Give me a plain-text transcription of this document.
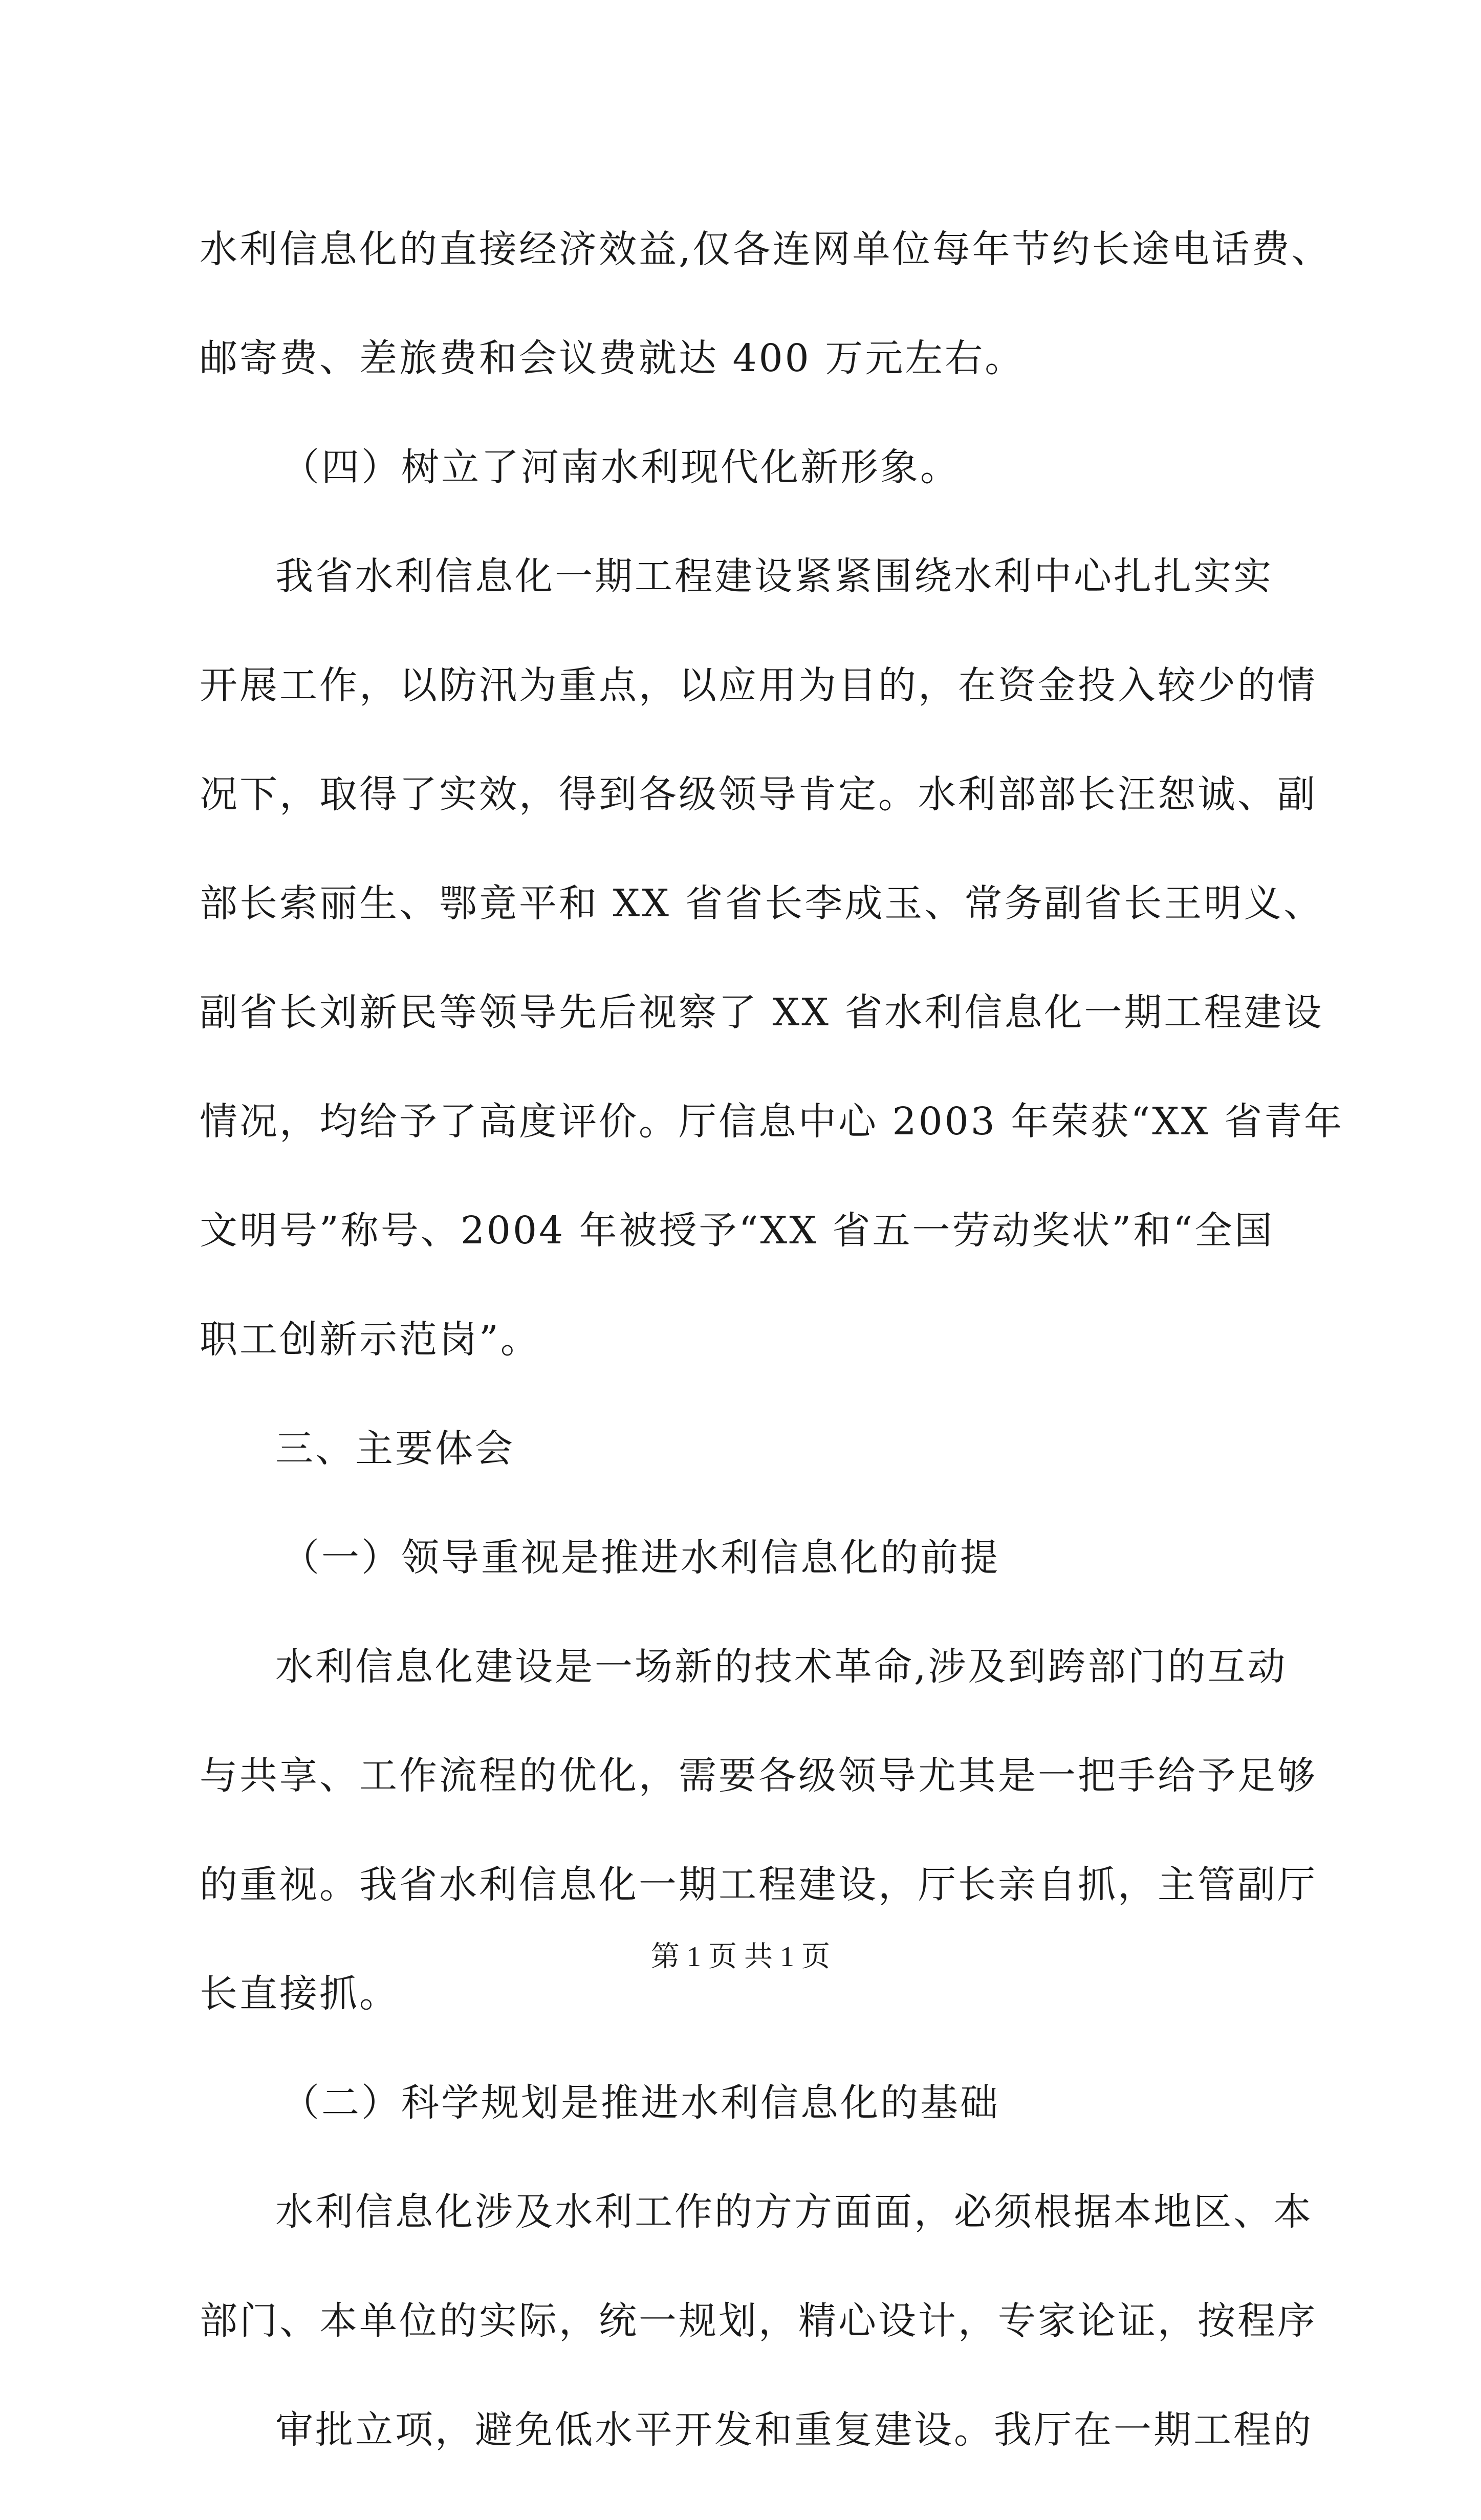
水利信息化的直接经济效益,仅各连网单位每年节约长途电话费、

邮寄费、差旅费和会议费就达 400 万元左右。

（四）树立了河南水利现代化新形象。

我省水利信息化一期工程建设紧紧围绕水利中心扎扎实实

开展工作，以防汛为重点，以应用为目的，在资金投入较少的情

况下，取得了实效，得到各级领导肯定。水利部部长汪恕诚、副

部长索丽生、鄂竟平和 XX 省省长李成玉、常务副省长王明义、

副省长刘新民等领导先后视察了 XX 省水利信息化一期工程建设

情况，均给予了高度评价。厅信息中心 2003 年荣获“XX 省青年

文明号”称号、2004 年被授予“XX 省五一劳动奖状”和“全国

职工创新示范岗”。

三、主要体会

（一）领导重视是推进水利信息化的前提

水利信息化建设是一场新的技术革命,涉及到跨部门的互动

与共享、工作流程的优化，需要各级领导尤其是一把手给予足够

的重视。我省水利信息化一期工程建设，厅长亲自抓，主管副厅

长直接抓。

（二）科学规划是推进水利信息化的基础

水利信息化涉及水利工作的方方面面，必须根据本地区、本

部门、本单位的实际，统一规划，精心设计，专家论证，按程序

审批立项，避免低水平开发和重复建设。我厅在一期工程的

第 1 页 共 1 页
